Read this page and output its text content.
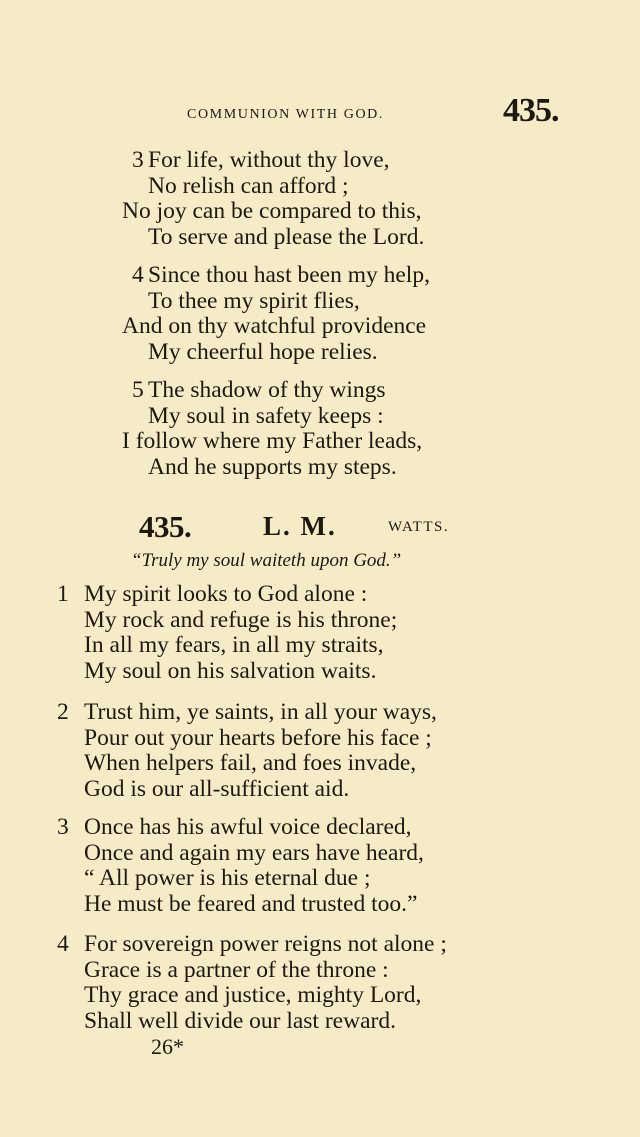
COMMUNION WITH GOD.	435.
3 For life, without thy love,
No relish can afford ;
No joy can be compared to this,
To serve and please the Lord.
4 Since thou hast been my help,
To thee my spirit flies,
And on thy watchful providence
My cheerful hope relies.
5 The shadow of thy wings
My soul in safety keeps :
I follow where my Father leads,
And he supports my steps.
435.	L. M.	WATTS.
“Truly my soul waiteth upon God.”
1 My spirit looks to God alone :
My rock and refuge is his throne;
In all my fears, in all my straits,
My soul on his salvation waits.
2 Trust him, ye saints, in all your ways,
Pour out your hearts before his face ;
When helpers fail, and foes invade,
God is our all-sufficient aid.
3 Once has his awful voice declared,
Once and again my ears have heard,
“ All power is his eternal due ;
He must be feared and trusted too.”
4 For sovereign power reigns not alone ;
Grace is a partner of the throne :
Thy grace and justice, mighty Lord,
Shall well divide our last reward.
26*
